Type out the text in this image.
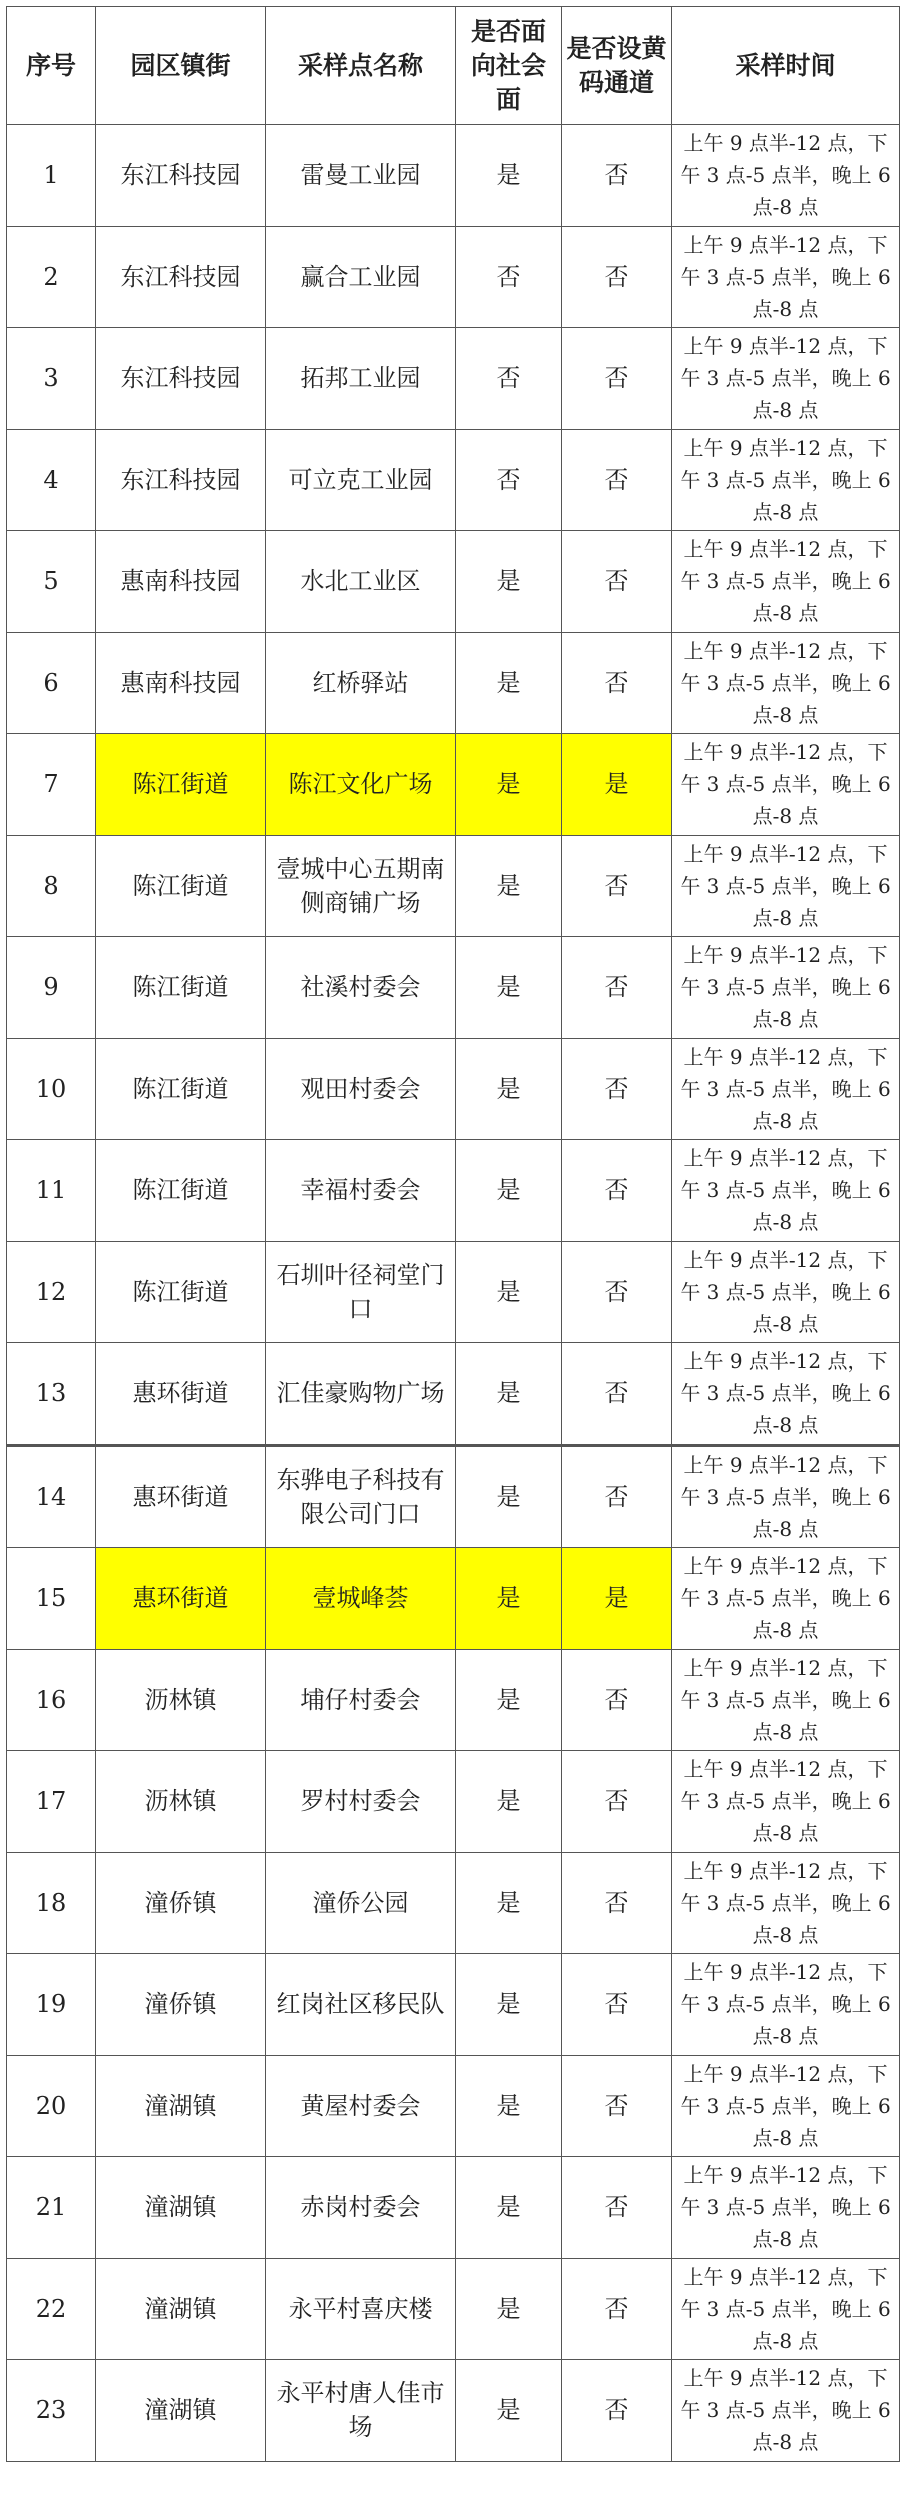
序号	园区镇街	采样点名称	是否面向社会面	是否设黄码通道	采样时间
1	东江科技园	雷曼工业园	是	否	上午 9 点半-12 点，下午 3 点-5 点半，晚上 6 点-8 点
2	东江科技园	赢合工业园	否	否	上午 9 点半-12 点，下午 3 点-5 点半，晚上 6 点-8 点
3	东江科技园	拓邦工业园	否	否	上午 9 点半-12 点，下午 3 点-5 点半，晚上 6 点-8 点
4	东江科技园	可立克工业园	否	否	上午 9 点半-12 点，下午 3 点-5 点半，晚上 6 点-8 点
5	惠南科技园	水北工业区	是	否	上午 9 点半-12 点，下午 3 点-5 点半，晚上 6 点-8 点
6	惠南科技园	红桥驿站	是	否	上午 9 点半-12 点，下午 3 点-5 点半，晚上 6 点-8 点
7	陈江街道	陈江文化广场	是	是	上午 9 点半-12 点，下午 3 点-5 点半，晚上 6 点-8 点
8	陈江街道	壹城中心五期南侧商铺广场	是	否	上午 9 点半-12 点，下午 3 点-5 点半，晚上 6 点-8 点
9	陈江街道	社溪村委会	是	否	上午 9 点半-12 点，下午 3 点-5 点半，晚上 6 点-8 点
10	陈江街道	观田村委会	是	否	上午 9 点半-12 点，下午 3 点-5 点半，晚上 6 点-8 点
11	陈江街道	幸福村委会	是	否	上午 9 点半-12 点，下午 3 点-5 点半，晚上 6 点-8 点
12	陈江街道	石圳叶径祠堂门口	是	否	上午 9 点半-12 点，下午 3 点-5 点半，晚上 6 点-8 点
13	惠环街道	汇佳豪购物广场	是	否	上午 9 点半-12 点，下午 3 点-5 点半，晚上 6 点-8 点
14	惠环街道	东骅电子科技有限公司门口	是	否	上午 9 点半-12 点，下午 3 点-5 点半，晚上 6 点-8 点
15	惠环街道	壹城峰荟	是	是	上午 9 点半-12 点，下午 3 点-5 点半，晚上 6 点-8 点
16	沥林镇	埔仔村委会	是	否	上午 9 点半-12 点，下午 3 点-5 点半，晚上 6 点-8 点
17	沥林镇	罗村村委会	是	否	上午 9 点半-12 点，下午 3 点-5 点半，晚上 6 点-8 点
18	潼侨镇	潼侨公园	是	否	上午 9 点半-12 点，下午 3 点-5 点半，晚上 6 点-8 点
19	潼侨镇	红岗社区移民队	是	否	上午 9 点半-12 点，下午 3 点-5 点半，晚上 6 点-8 点
20	潼湖镇	黄屋村委会	是	否	上午 9 点半-12 点，下午 3 点-5 点半，晚上 6 点-8 点
21	潼湖镇	赤岗村委会	是	否	上午 9 点半-12 点，下午 3 点-5 点半，晚上 6 点-8 点
22	潼湖镇	永平村喜庆楼	是	否	上午 9 点半-12 点，下午 3 点-5 点半，晚上 6 点-8 点
23	潼湖镇	永平村唐人佳市场	是	否	上午 9 点半-12 点，下午 3 点-5 点半，晚上 6 点-8 点
